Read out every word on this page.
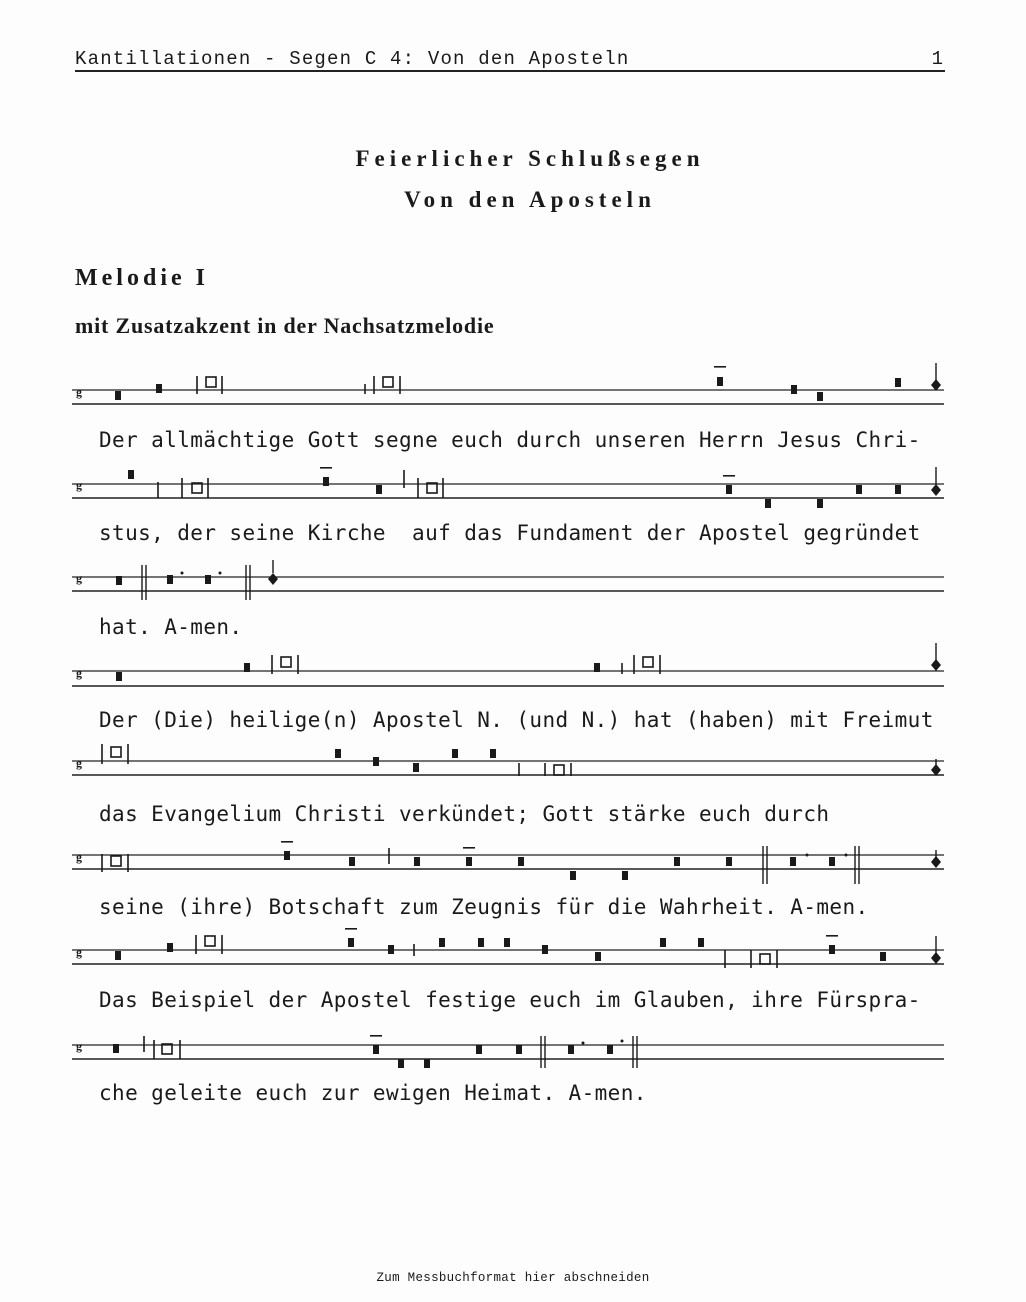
Kantillationen - Segen C 4: Von den Aposteln	1
Feierlicher Schlußsegen
Von den Aposteln
Melodie I
mit Zusatzakzent in der Nachsatzmelodie
g
Der allmächtige Gott segne euch durch unseren Herrn Jesus Chri-
g
stus, der seine Kirche  auf das Fundament der Apostel gegründet
g
hat. A-men.
g
Der (Die) heilige(n) Apostel N. (und N.) hat (haben) mit Freimut
g
das Evangelium Christi verkündet; Gott stärke euch durch
g
seine (ihre) Botschaft zum Zeugnis für die Wahrheit. A-men.
g
Das Beispiel der Apostel festige euch im Glauben, ihre Fürspra-
g
che geleite euch zur ewigen Heimat. A-men.
Zum Messbuchformat hier abschneiden
